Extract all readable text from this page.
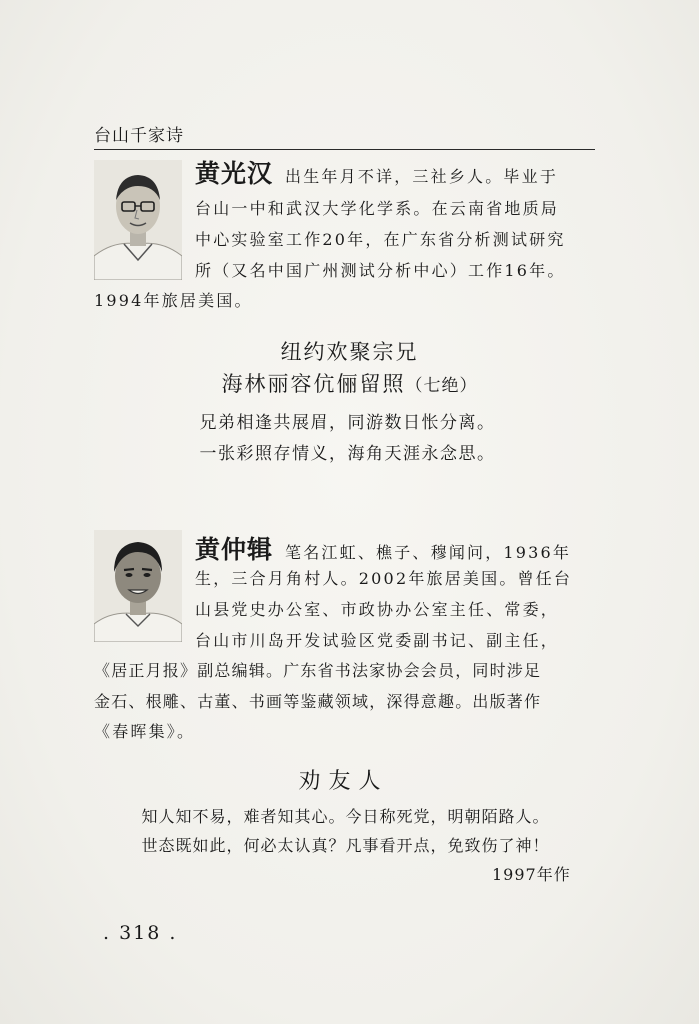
台山千家诗
黄光汉 出生年月不详，三社乡人。毕业于
台山一中和武汉大学化学系。在云南省地质局
中心实验室工作20年，在广东省分析测试研究
所（又名中国广州测试分析中心）工作16年。
1994年旅居美国。
纽约欢聚宗兄
海林丽容伉俪留照（七绝）
兄弟相逢共展眉，同游数日怅分离。
一张彩照存情义，海角天涯永念思。
黄仲辑 笔名江虹、樵子、穆闻问，1936年
生，三合月角村人。2002年旅居美国。曾任台
山县党史办公室、市政协办公室主任、常委，
台山市川岛开发试验区党委副书记、副主任，
《居正月报》副总编辑。广东省书法家协会会员，同时涉足
金石、根雕、古董、书画等鉴藏领域，深得意趣。出版著作
《春晖集》。
劝友人
知人知不易，难者知其心。今日称死党，明朝陌路人。
世态既如此，何必太认真？凡事看开点，免致伤了神！
1997年作
. 318 .
